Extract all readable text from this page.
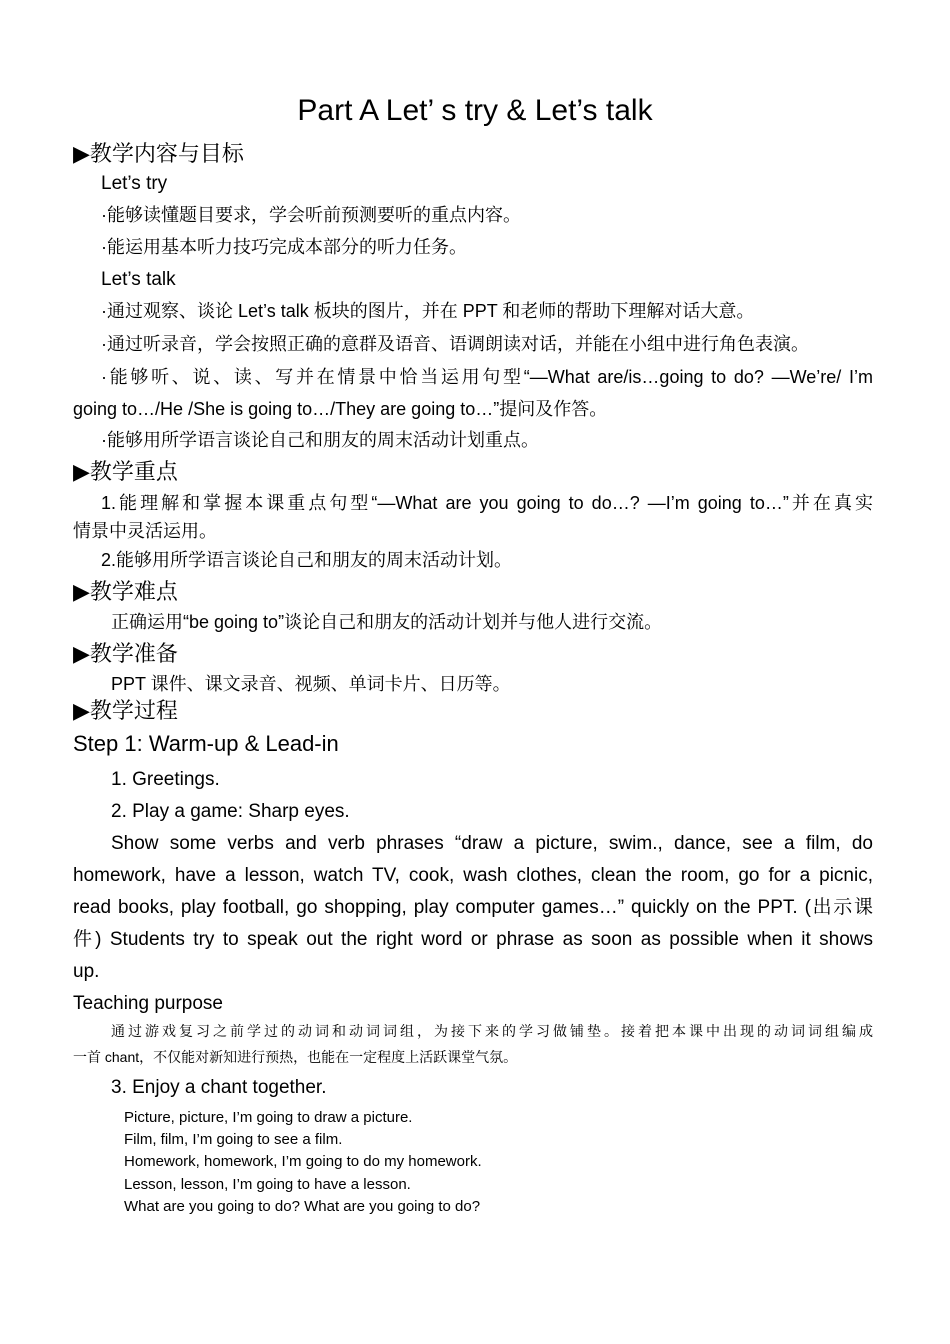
Part A Let’ s try & Let’s talk
▶教学内容与目标
Let’s try
·能够读懂题目要求，学会听前预测要听的重点内容。
·能运用基本听力技巧完成本部分的听力任务。
Let’s talk
·通过观察、谈论 Let’s talk 板块的图片，并在 PPT 和老师的帮助下理解对话大意。
·通过听录音，学会按照正确的意群及语音、语调朗读对话，并能在小组中进行角色表演。
·能够听、说、读、写并在情景中恰当运用句型“—What are/is…going to do? —We’re/ I’m
going to…/He /She is going to…/They are going to…”提问及作答。
·能够用所学语言谈论自己和朋友的周末活动计划重点。
▶教学重点
1.能理解和掌握本课重点句型“—What are you going to do…? —I’m going to…”并在真实
情景中灵活运用。
2.能够用所学语言谈论自己和朋友的周末活动计划。
▶教学难点
正确运用“be going to”谈论自己和朋友的活动计划并与他人进行交流。
▶教学准备
PPT 课件、课文录音、视频、单词卡片、日历等。
▶教学过程
Step 1: Warm-up & Lead-in
1. Greetings.
2. Play a game: Sharp eyes.
Show some verbs and verb phrases “draw a picture, swim., dance, see a film, do
homework, have a lesson, watch TV, cook, wash clothes, clean the room, go for a picnic,
read books, play football, go shopping, play computer games…” quickly on the PPT. (出示课
件) Students try to speak out the right word or phrase as soon as possible when it shows
up.
Teaching purpose
通过游戏复习之前学过的动词和动词词组，为接下来的学习做铺垫。接着把本课中出现的动词词组编成
一首 chant，不仅能对新知进行预热，也能在一定程度上活跃课堂气氛。
3. Enjoy a chant together.
Picture, picture, I’m going to draw a picture.
Film, film, I’m going to see a film.
Homework, homework, I’m going to do my homework.
Lesson, lesson, I’m going to have a lesson.
What are you going to do? What are you going to do?
